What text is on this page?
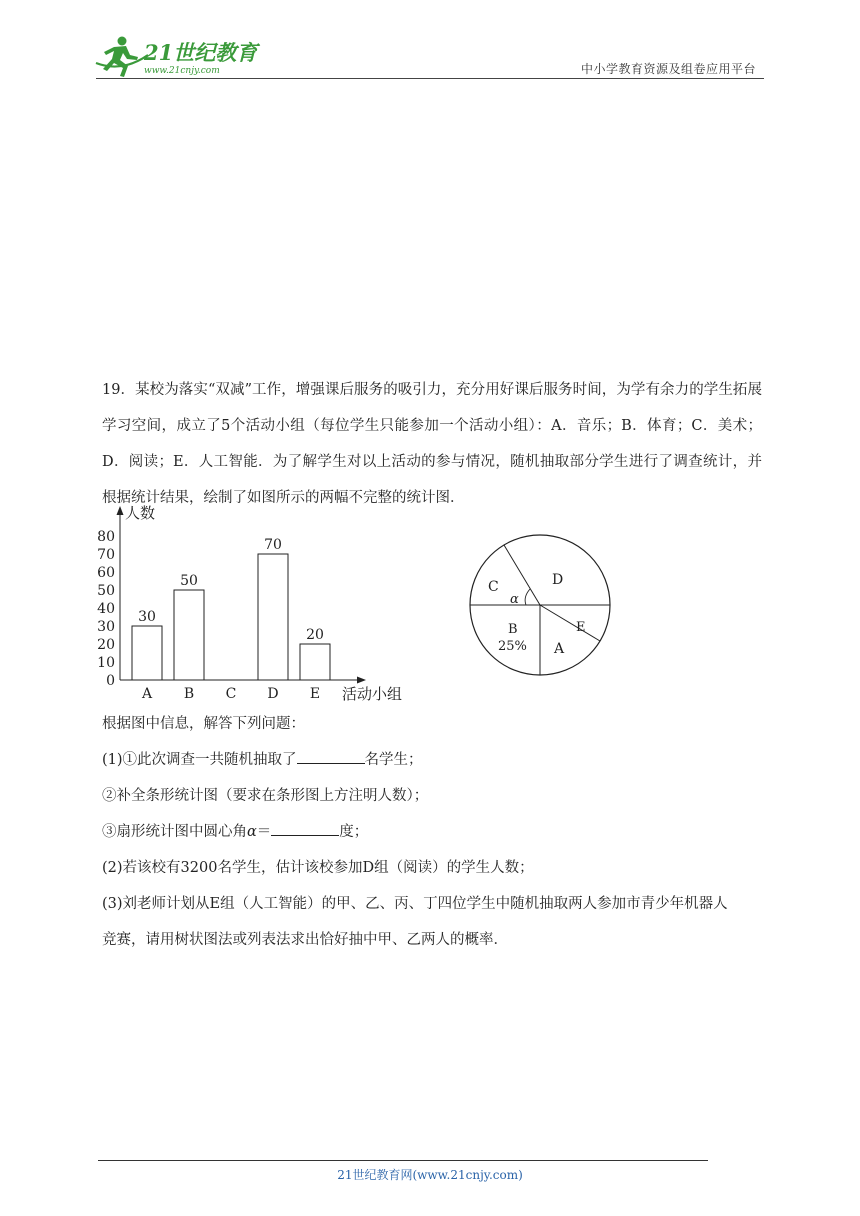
21世纪教育
www.21cnjy.com	中小学教育资源及组卷应用平台

19．某校为落实“双减”工作，增强课后服务的吸引力，充分用好课后服务时间，为学有余力的学生拓展学习空间，成立了5个活动小组（每位学生只能参加一个活动小组）：A．音乐；B．体育；C．美术；D．阅读；E．人工智能．为了解学生对以上活动的参与情况，随机抽取部分学生进行了调查统计，并根据统计结果，绘制了如图所示的两幅不完整的统计图．

人数
活动小组
0
10
20
30
40
50
60
70
80
30
50
70
20
A B C D E
C
α
D
E
A
B
25%
根据图中信息，解答下列问题：
(1)①此次调查一共随机抽取了	名学生；
②补全条形统计图（要求在条形图上方注明人数）；
③扇形统计图中圆心角α＝	度；
(2)若该校有3200名学生，估计该校参加D组（阅读）的学生人数；
(3)刘老师计划从E组（人工智能）的甲、乙、丙、丁四位学生中随机抽取两人参加市青少年机器人
竞赛，请用树状图法或列表法求出恰好抽中甲、乙两人的概率．
21世纪教育网(www.21cnjy.com)
